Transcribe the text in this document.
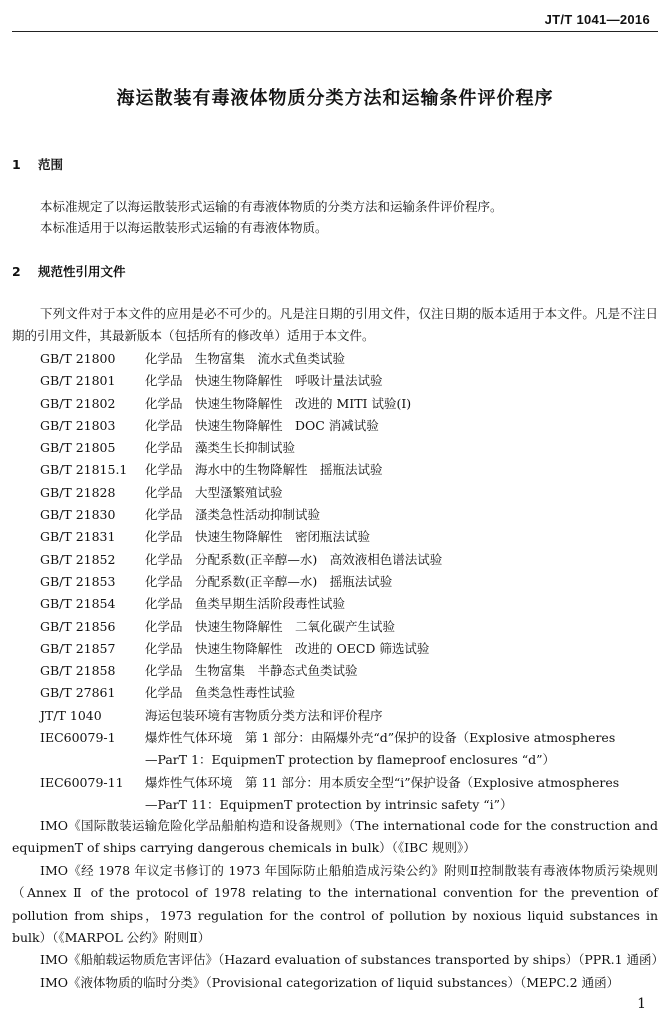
JT/T 1041—2016
海运散装有毒液体物质分类方法和运输条件评价程序
1 范围
本标准规定了以海运散装形式运输的有毒液体物质的分类方法和运输条件评价程序。
本标准适用于以海运散装形式运输的有毒液体物质。
2 规范性引用文件
下列文件对于本文件的应用是必不可少的。凡是注日期的引用文件，仅注日期的版本适用于本文件。凡是不注日期的引用文件，其最新版本（包括所有的修改单）适用于本文件。
GB/T 21800	化学品　生物富集　流水式鱼类试验
GB/T 21801	化学品　快速生物降解性　呼吸计量法试验
GB/T 21802	化学品　快速生物降解性　改进的 MITI 试验(Ⅰ)
GB/T 21803	化学品　快速生物降解性　DOC 消减试验
GB/T 21805	化学品　藻类生长抑制试验
GB/T 21815.1	化学品　海水中的生物降解性　摇瓶法试验
GB/T 21828	化学品　大型溞繁殖试验
GB/T 21830	化学品　溞类急性活动抑制试验
GB/T 21831	化学品　快速生物降解性　密闭瓶法试验
GB/T 21852	化学品　分配系数(正辛醇—水)　高效液相色谱法试验
GB/T 21853	化学品　分配系数(正辛醇—水)　摇瓶法试验
GB/T 21854	化学品　鱼类早期生活阶段毒性试验
GB/T 21856	化学品　快速生物降解性　二氧化碳产生试验
GB/T 21857	化学品　快速生物降解性　改进的 OECD 筛选试验
GB/T 21858	化学品　生物富集　半静态式鱼类试验
GB/T 27861	化学品　鱼类急性毒性试验
JT/T 1040	海运包装环境有害物质分类方法和评价程序
IEC60079-1	爆炸性气体环境　第 1 部分：由隔爆外壳“d”保护的设备（Explosive atmospheres
—ParT 1：EquipmenT protection by flameproof enclosures “d”）
IEC60079-11	爆炸性气体环境　第 11 部分：用本质安全型“i”保护设备（Explosive atmospheres
—ParT 11：EquipmenT protection by intrinsic safety “i”）

IMO《国际散装运输危险化学品船舶构造和设备规则》（The international code for the construction and equipmenT of ships carrying dangerous chemicals in bulk）（《IBC 规则》）

IMO《经 1978 年议定书修订的 1973 年国际防止船舶造成污染公约》附则Ⅱ控制散装有毒液体物质污染规则（Annex Ⅱ of the protocol of 1978 relating to the international convention for the prevention of pollution from ships，1973 regulation for the control of pollution by noxious liquid substances in bulk）（《MARPOL 公约》附则Ⅱ）

IMO《船舶载运物质危害评估》（Hazard evaluation of substances transported by ships）（PPR.1 通函）

IMO《液体物质的临时分类》（Provisional categorization of liquid substances）（MEPC.2 通函）

1
